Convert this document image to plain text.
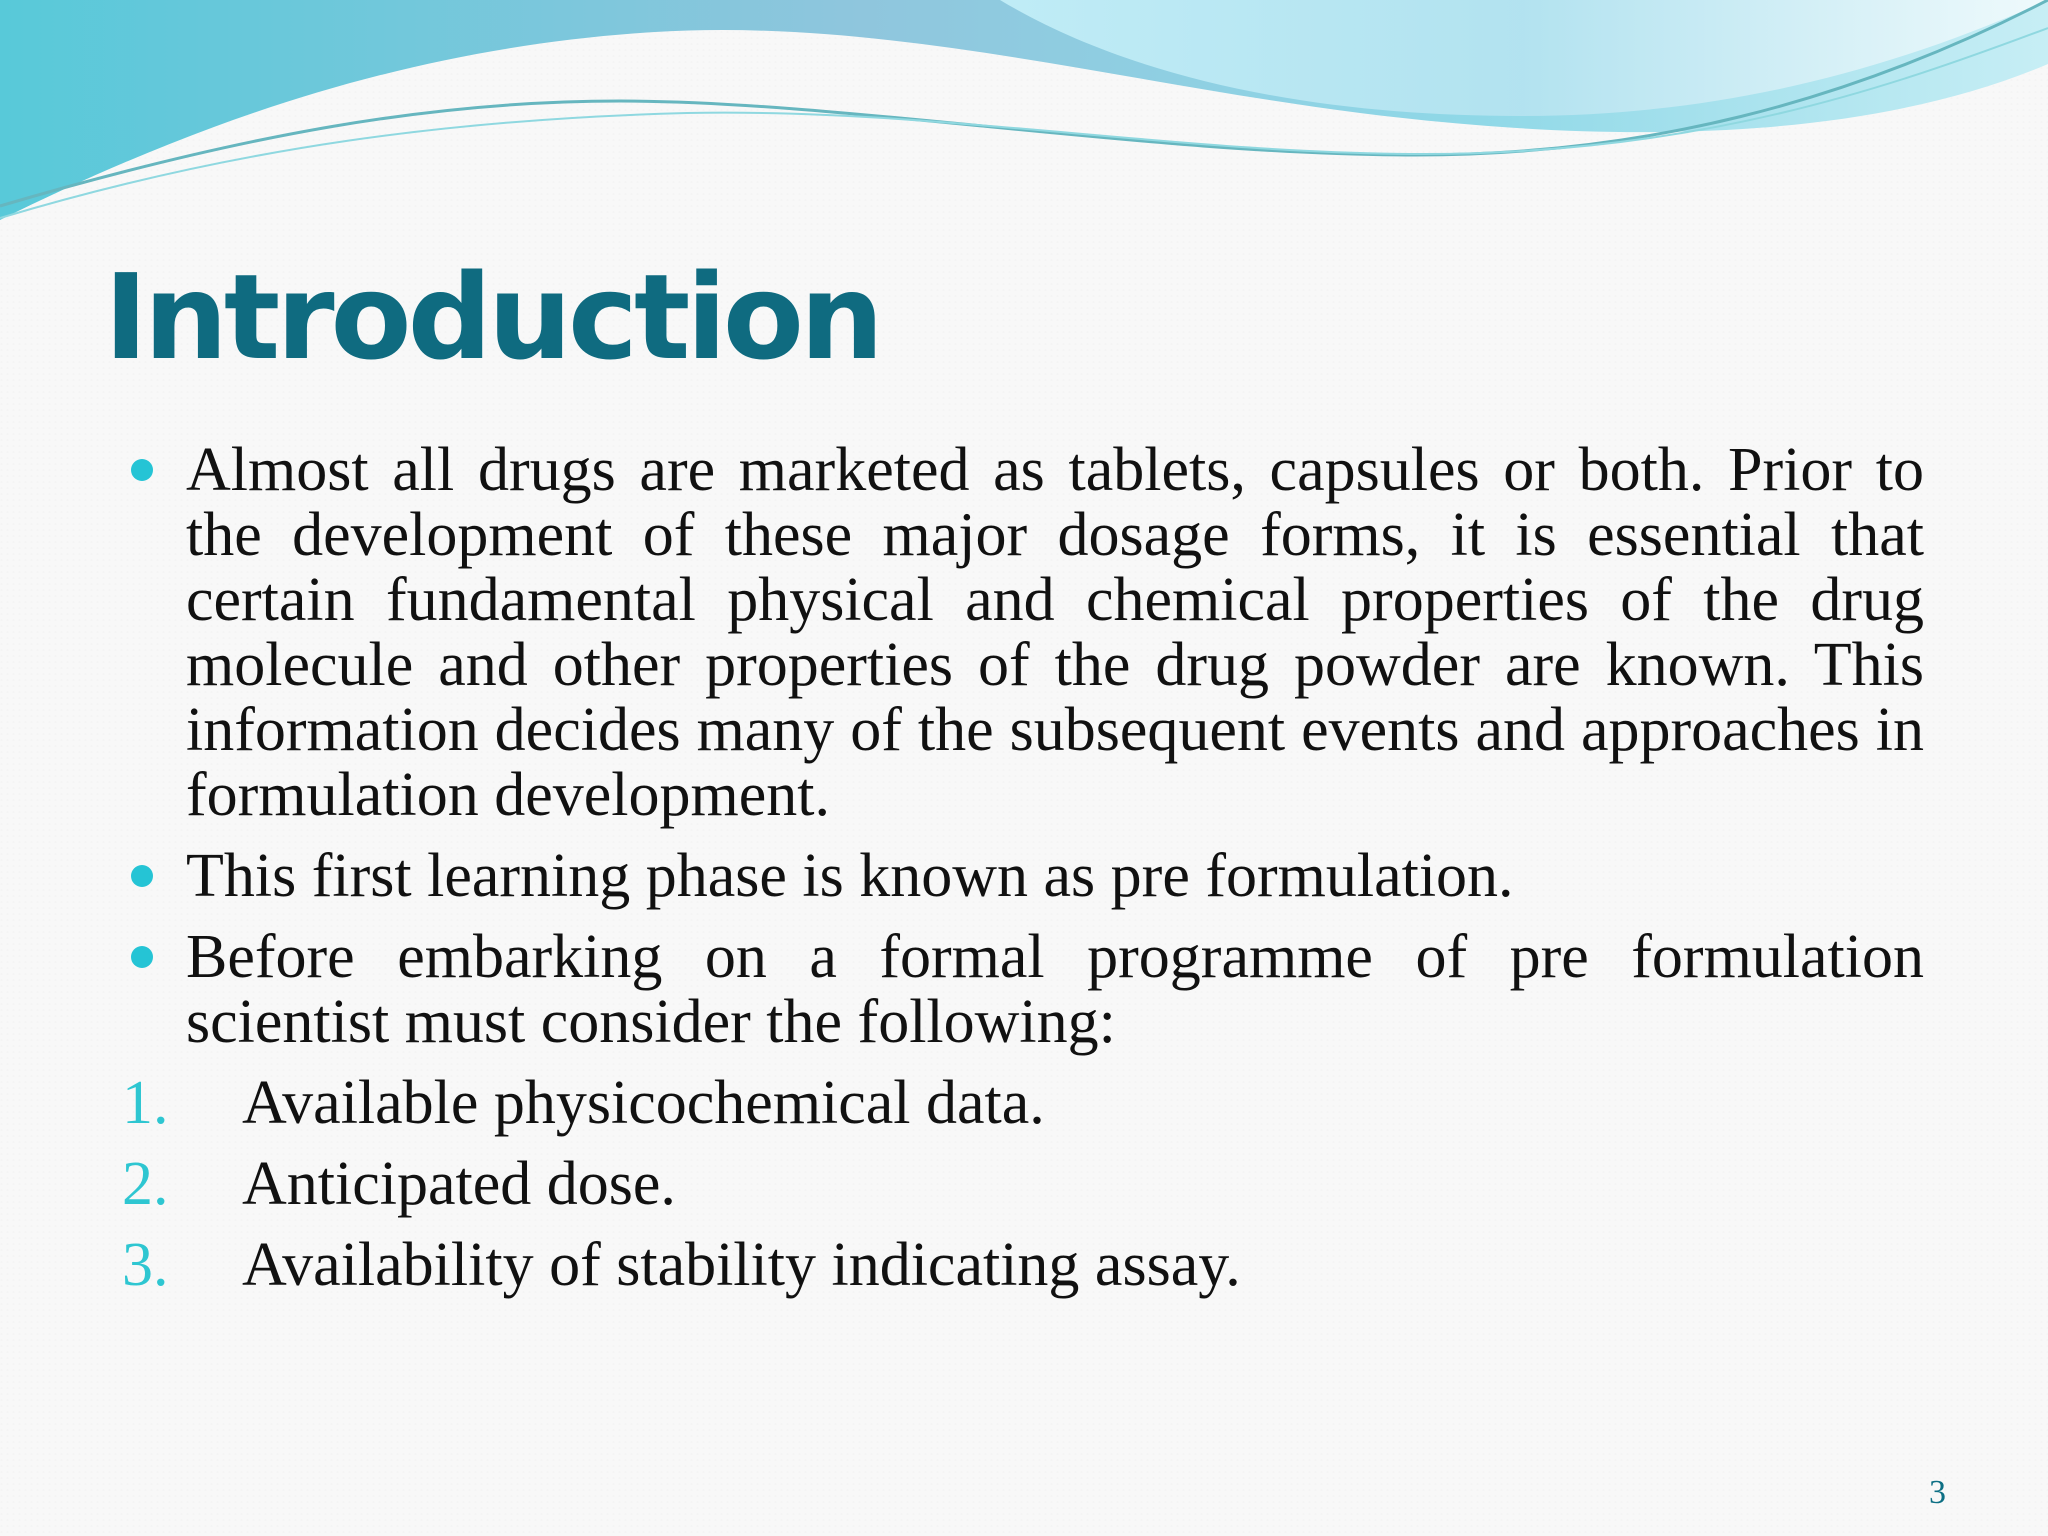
Introduction
Almost all drugs are marketed as tablets, capsules or both. Prior to the development of these major dosage forms, it is essential that certain fundamental physical and chemical properties of the drug molecule and other properties of the drug powder are known. This information decides many of the subsequent events and approaches in formulation development.
This first learning phase is known as pre formulation.
Before embarking on a formal programme of pre formulation scientist must consider the following:
1. Available physicochemical data.
2. Anticipated dose.
3. Availability of stability indicating assay.
3
